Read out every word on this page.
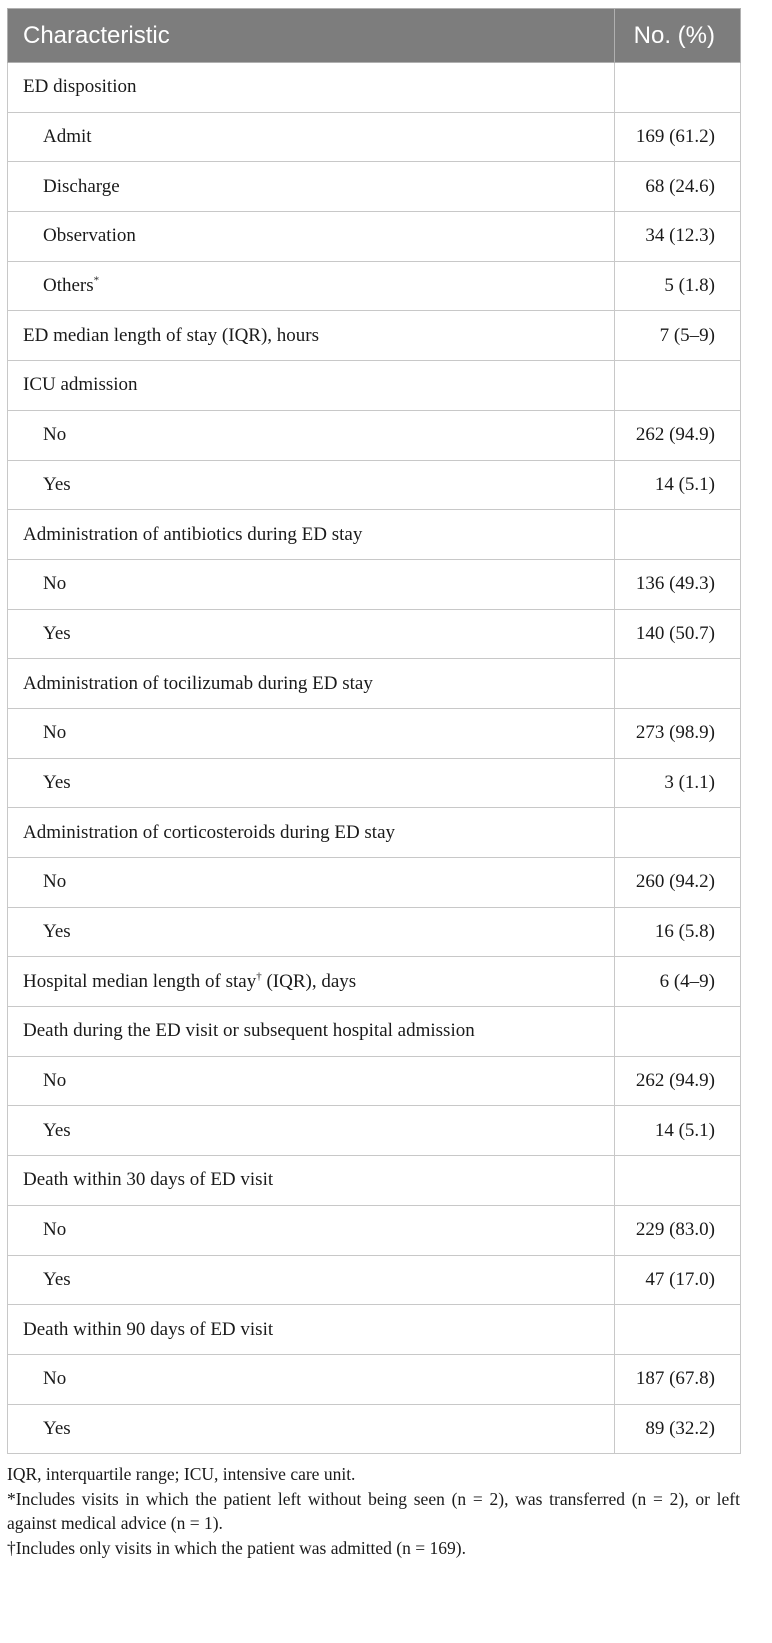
Characteristic	No. (%)
ED disposition	
Admit	169 (61.2)
Discharge	68 (24.6)
Observation	34 (12.3)
Others*	5 (1.8)
ED median length of stay (IQR), hours	7 (5–9)
ICU admission	
No	262 (94.9)
Yes	14 (5.1)
Administration of antibiotics during ED stay	
No	136 (49.3)
Yes	140 (50.7)
Administration of tocilizumab during ED stay	
No	273 (98.9)
Yes	3 (1.1)
Administration of corticosteroids during ED stay	
No	260 (94.2)
Yes	16 (5.8)
Hospital median length of stay† (IQR), days	6 (4–9)
Death during the ED visit or subsequent hospital admission	
No	262 (94.9)
Yes	14 (5.1)
Death within 30 days of ED visit	
No	229 (83.0)
Yes	47 (17.0)
Death within 90 days of ED visit	
No	187 (67.8)
Yes	89 (32.2)

IQR, interquartile range; ICU, intensive care unit.

*Includes visits in which the patient left without being seen (n = 2), was transferred (n = 2), or left against medical advice (n = 1).

†Includes only visits in which the patient was admitted (n = 169).
